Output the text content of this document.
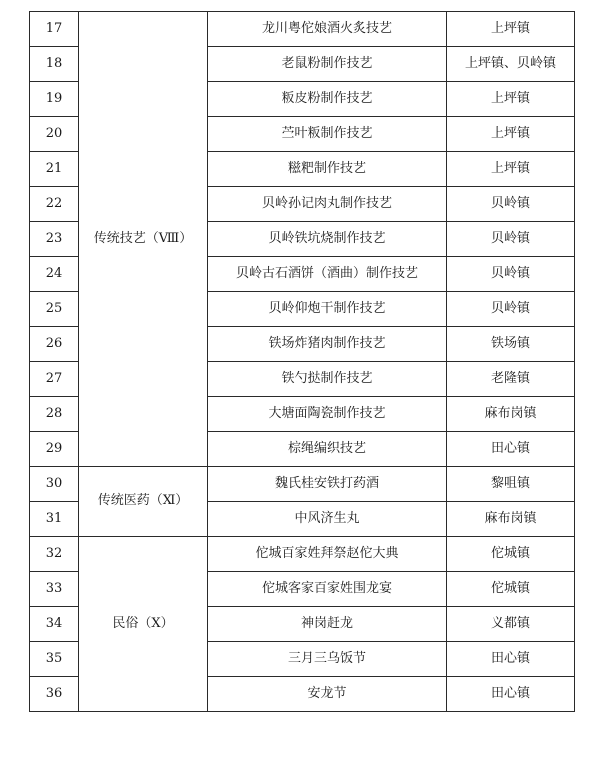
17	传统技艺（Ⅷ）	龙川粤佗娘酒火炙技艺	上坪镇
18		老鼠粉制作技艺	上坪镇、贝岭镇
19		粄皮粉制作技艺	上坪镇
20		苎叶粄制作技艺	上坪镇
21		糍粑制作技艺	上坪镇
22		贝岭孙记肉丸制作技艺	贝岭镇
23		贝岭铁坑烧制作技艺	贝岭镇
24		贝岭古石酒饼（酒曲）制作技艺	贝岭镇
25		贝岭仰炮干制作技艺	贝岭镇
26		铁场炸猪肉制作技艺	铁场镇
27		铁勺挞制作技艺	老隆镇
28		大塘面陶瓷制作技艺	麻布岗镇
29		棕绳编织技艺	田心镇
30	传统医药（Ⅺ）	魏氏桂安铁打药酒	黎咀镇
31		中风济生丸	麻布岗镇
32	民俗（Ⅹ）	佗城百家姓拜祭赵佗大典	佗城镇
33		佗城客家百家姓围龙宴	佗城镇
34		神岗赶龙	义都镇
35		三月三乌饭节	田心镇
36		安龙节	田心镇
